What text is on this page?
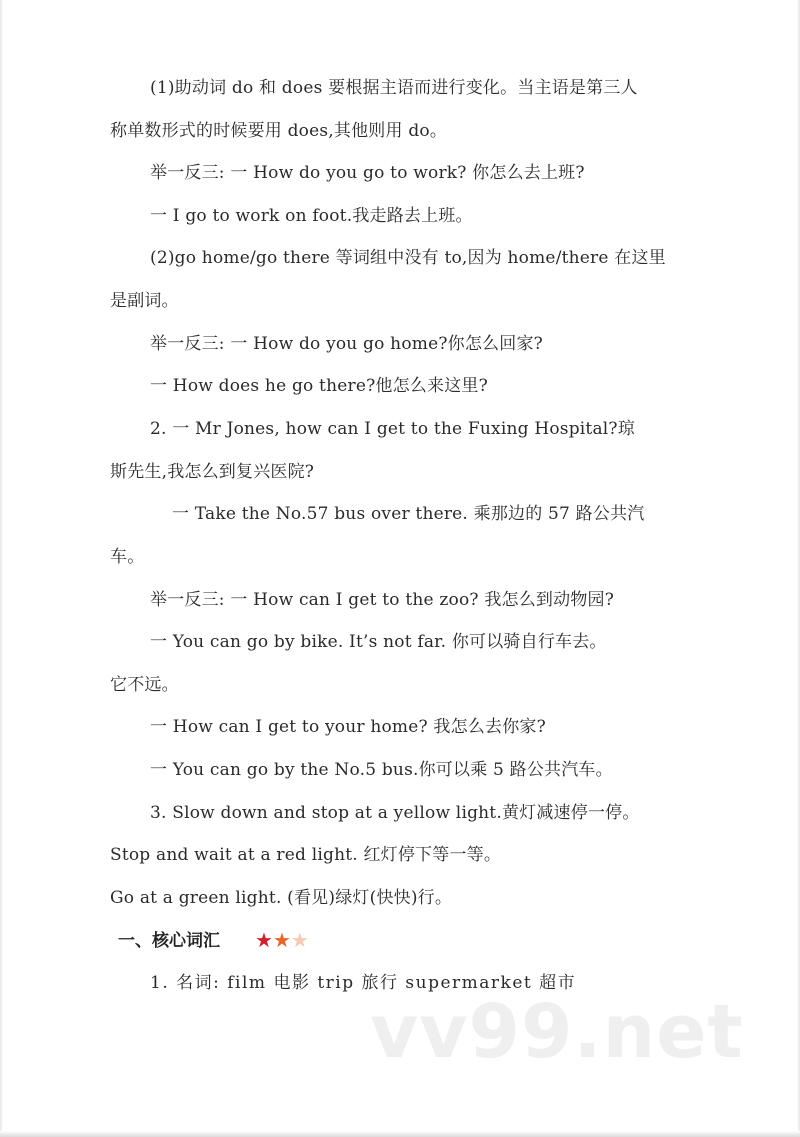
(1)助动词 do 和 does 要根据主语而进行变化。当主语是第三人
称单数形式的时候要用 does,其他则用 do。
举一反三: 一 How do you go to work? 你怎么去上班?
一 I go to work on foot.我走路去上班。
(2)go home/go there 等词组中没有 to,因为 home/there 在这里
是副词。
举一反三: 一 How do you go home?你怎么回家?
一 How does he go there?他怎么来这里?
2. 一 Mr Jones, how can I get to the Fuxing Hospital?琼
斯先生,我怎么到复兴医院?
一 Take the No.57 bus over there. 乘那边的 57 路公共汽
车。
举一反三: 一 How can I get to the zoo? 我怎么到动物园?
一 You can go by bike. It’s not far. 你可以骑自行车去。
它不远。
一 How can I get to your home? 我怎么去你家?
一 You can go by the No.5 bus.你可以乘 5 路公共汽车。
3. Slow down and stop at a yellow light.黄灯减速停一停。
Stop and wait at a red light. 红灯停下等一等。
Go at a green light. (看见)绿灯(快快)行。
一、核心词汇 ★ ★ ★
1. 名词: film 电影 trip 旅行 supermarket 超市
vv99.net
